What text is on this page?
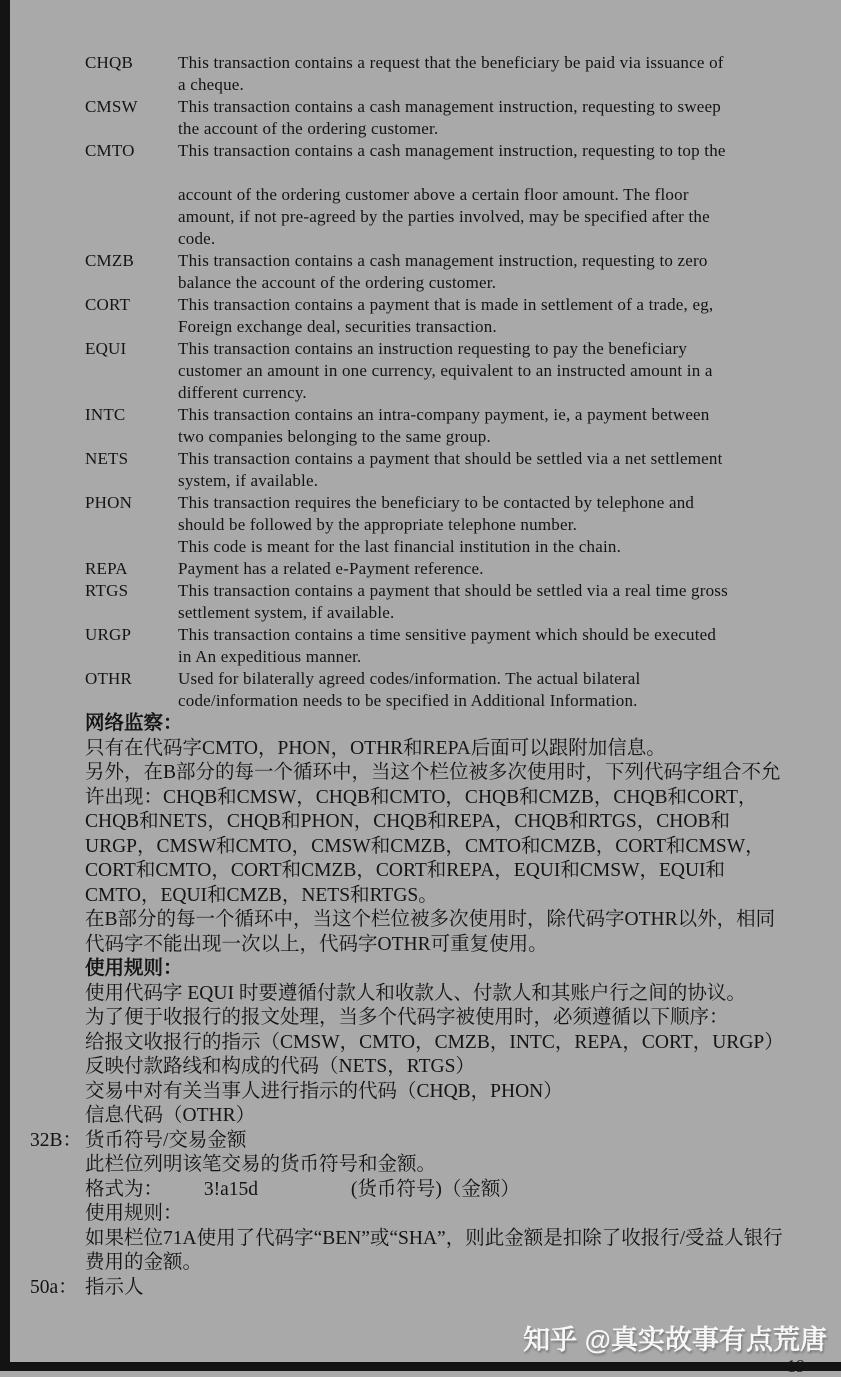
CHQB	This transaction contains a request that the beneficiary be paid via issuance of
a cheque.
CMSW	This transaction contains a cash management instruction, requesting to sweep
the account of the ordering customer.
CMTO	This transaction contains a cash management instruction, requesting to top the
account of the ordering customer above a certain floor amount. The floor
amount, if not pre-agreed by the parties involved, may be specified after the
code.
CMZB	This transaction contains a cash management instruction, requesting to zero
balance the account of the ordering customer.
CORT	This transaction contains a payment that is made in settlement of a trade, eg,
Foreign exchange deal, securities transaction.
EQUI	This transaction contains an instruction requesting to pay the beneficiary
customer an amount in one currency, equivalent to an instructed amount in a
different currency.
INTC	This transaction contains an intra-company payment, ie, a payment between
two companies belonging to the same group.
NETS	This transaction contains a payment that should be settled via a net settlement
system, if available.
PHON	This transaction requires the beneficiary to be contacted by telephone and
should be followed by the appropriate telephone number.
This code is meant for the last financial institution in the chain.
REPA	Payment has a related e-Payment reference.
RTGS	This transaction contains a payment that should be settled via a real time gross
settlement system, if available.
URGP	This transaction contains a time sensitive payment which should be executed
in An expeditious manner.
OTHR	Used for bilaterally agreed codes/information. The actual bilateral
code/information needs to be specified in Additional Information.
网络监察：
只有在代码字CMTO，PHON，OTHR和REPA后面可以跟附加信息。
另外，在B部分的每一个循环中，当这个栏位被多次使用时，下列代码字组合不允许出现：CHQB和CMSW，CHQB和CMTO，CHQB和CMZB，CHQB和CORT，CHQB和NETS，CHQB和PHON，CHQB和REPA，CHQB和RTGS，CHOB和URGP，CMSW和CMTO，CMSW和CMZB，CMTO和CMZB，CORT和CMSW，CORT和CMTO，CORT和CMZB，CORT和REPA，EQUI和CMSW，EQUI和CMTO，EQUI和CMZB，NETS和RTGS。
在B部分的每一个循环中，当这个栏位被多次使用时，除代码字OTHR以外，相同代码字不能出现一次以上，代码字OTHR可重复使用。
使用规则：
使用代码字 EQUI 时要遵循付款人和收款人、付款人和其账户行之间的协议。
为了便于收报行的报文处理，当多个代码字被使用时，必须遵循以下顺序：
给报文收报行的指示（CMSW，CMTO，CMZB，INTC，REPA，CORT，URGP）
反映付款路线和构成的代码（NETS，RTGS）
交易中对有关当事人进行指示的代码（CHQB，PHON）
信息代码（OTHR）
32B： 货币符号/交易金额
此栏位列明该笔交易的货币符号和金额。
格式为： 3!a15d	(货币符号)（金额）
使用规则：
如果栏位71A使用了代码字“BEN”或“SHA”，则此金额是扣除了收报行/受益人银行费用的金额。
50a： 指示人
知乎 @真实故事有点荒唐
